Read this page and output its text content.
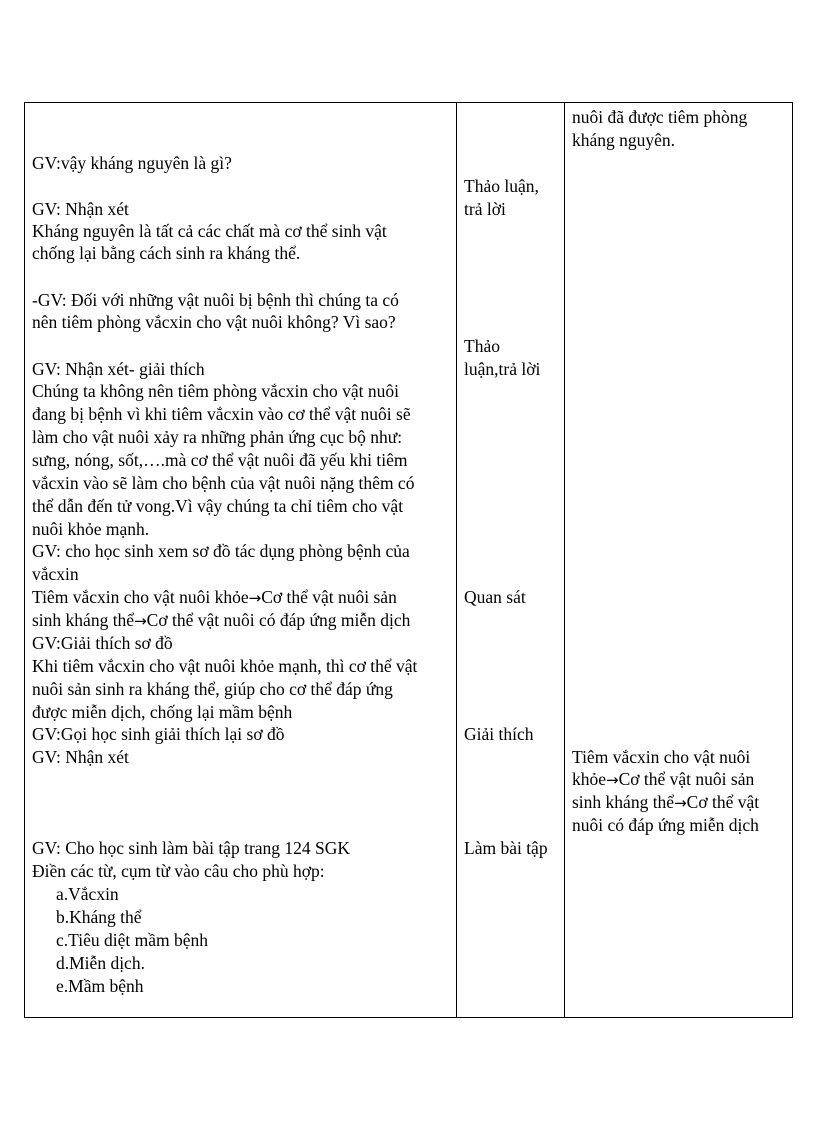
GV:vậy kháng nguyên là gì?
GV: Nhận xét
Kháng nguyên là tất cả các chất mà cơ thể sinh vật
chống lại bằng cách sinh ra kháng thể.
-GV: Đối với những vật nuôi bị bệnh thì chúng ta có
nên tiêm phòng vắcxin cho vật nuôi không? Vì sao?
GV: Nhận xét- giải thích
Chúng ta không nên tiêm phòng vắcxin cho vật nuôi
đang bị bệnh vì khi tiêm vắcxin vào cơ thể vật nuôi sẽ
làm cho vật nuôi xảy ra những phản ứng cục bộ như:
sưng, nóng, sốt,….mà cơ thể vật nuôi đã yếu khi tiêm
vắcxin vào sẽ làm cho bệnh của vật nuôi nặng thêm có
thể dẫn đến tử vong.Vì vậy chúng ta chỉ tiêm cho vật
nuôi khỏe mạnh.
GV: cho học sinh xem sơ đồ tác dụng phòng bệnh của
vắcxin
Tiêm vắcxin cho vật nuôi khỏe→Cơ thể vật nuôi sản
sinh kháng thể→Cơ thể vật nuôi có đáp ứng miễn dịch
GV:Giải thích sơ đồ
Khi tiêm vắcxin cho vật nuôi khỏe mạnh, thì cơ thể vật
nuôi sản sinh ra kháng thể, giúp cho cơ thể đáp ứng
được miễn dịch, chống lại mầm bệnh
GV:Gọi học sinh giải thích lại sơ đồ
GV: Nhận xét
GV: Cho học sinh làm bài tập trang 124 SGK
Điền các từ, cụm từ vào câu cho phù hợp:
a.Vắcxin
b.Kháng thể
c.Tiêu diệt mầm bệnh
d.Miễn dịch.
e.Mầm bệnh
Thảo luận,
trả lời
Thảo
luận,trả lời
Quan sát
Giải thích
Làm bài tập
nuôi đã được tiêm phòng
kháng nguyên.
Tiêm vắcxin cho vật nuôi
khỏe→Cơ thể vật nuôi sản
sinh kháng thể→Cơ thể vật
nuôi có đáp ứng miễn dịch
